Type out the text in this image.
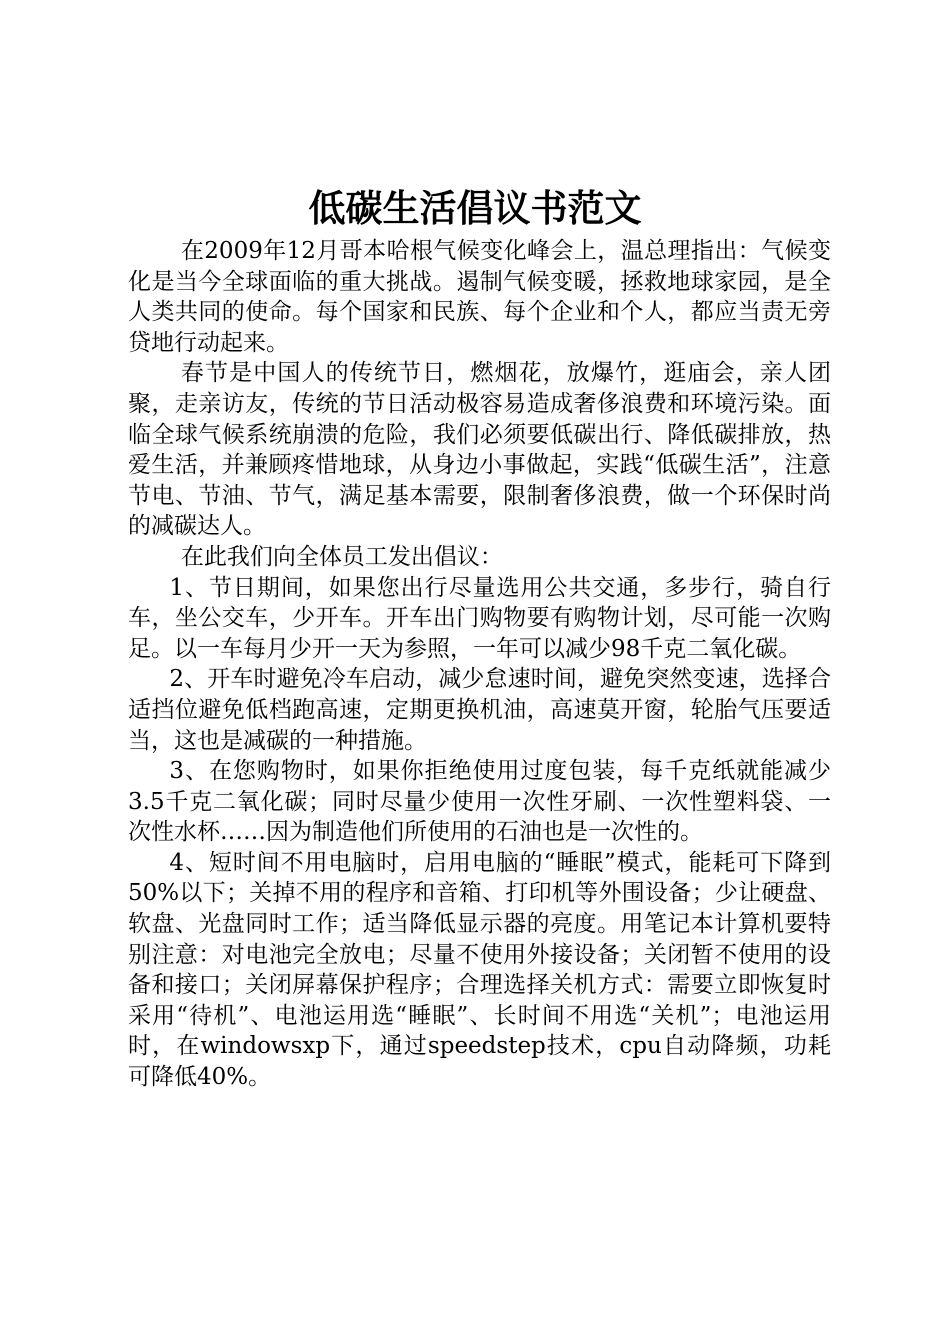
低碳生活倡议书范文

在2009年12月哥本哈根气候变化峰会上，温总理指出：气候变化是当今全球面临的重大挑战。遏制气候变暖，拯救地球家园，是全人类共同的使命。每个国家和民族、每个企业和个人，都应当责无旁贷地行动起来。

春节是中国人的传统节日，燃烟花，放爆竹，逛庙会，亲人团聚，走亲访友，传统的节日活动极容易造成奢侈浪费和环境污染。面临全球气候系统崩溃的危险，我们必须要低碳出行、降低碳排放，热爱生活，并兼顾疼惜地球，从身边小事做起，实践“低碳生活”，注意节电、节油、节气，满足基本需要，限制奢侈浪费，做一个环保时尚的减碳达人。

在此我们向全体员工发出倡议：

1、节日期间，如果您出行尽量选用公共交通，多步行，骑自行车，坐公交车，少开车。开车出门购物要有购物计划，尽可能一次购足。以一车每月少开一天为参照，一年可以减少98千克二氧化碳。

2、开车时避免冷车启动，减少怠速时间，避免突然变速，选择合适挡位避免低档跑高速，定期更换机油，高速莫开窗，轮胎气压要适当，这也是减碳的一种措施。

3、在您购物时，如果你拒绝使用过度包装，每千克纸就能减少3.5千克二氧化碳；同时尽量少使用一次性牙刷、一次性塑料袋、一次性水杯……因为制造他们所使用的石油也是一次性的。

4、短时间不用电脑时，启用电脑的“睡眠”模式，能耗可下降到50%以下；关掉不用的程序和音箱、打印机等外围设备；少让硬盘、软盘、光盘同时工作；适当降低显示器的亮度。用笔记本计算机要特别注意：对电池完全放电；尽量不使用外接设备；关闭暂不使用的设备和接口；关闭屏幕保护程序；合理选择关机方式：需要立即恢复时采用“待机”、电池运用选“睡眠”、长时间不用选“关机”；电池运用时，在windowsxp下，通过speedstep技术，cpu自动降频，功耗可降低40%。
